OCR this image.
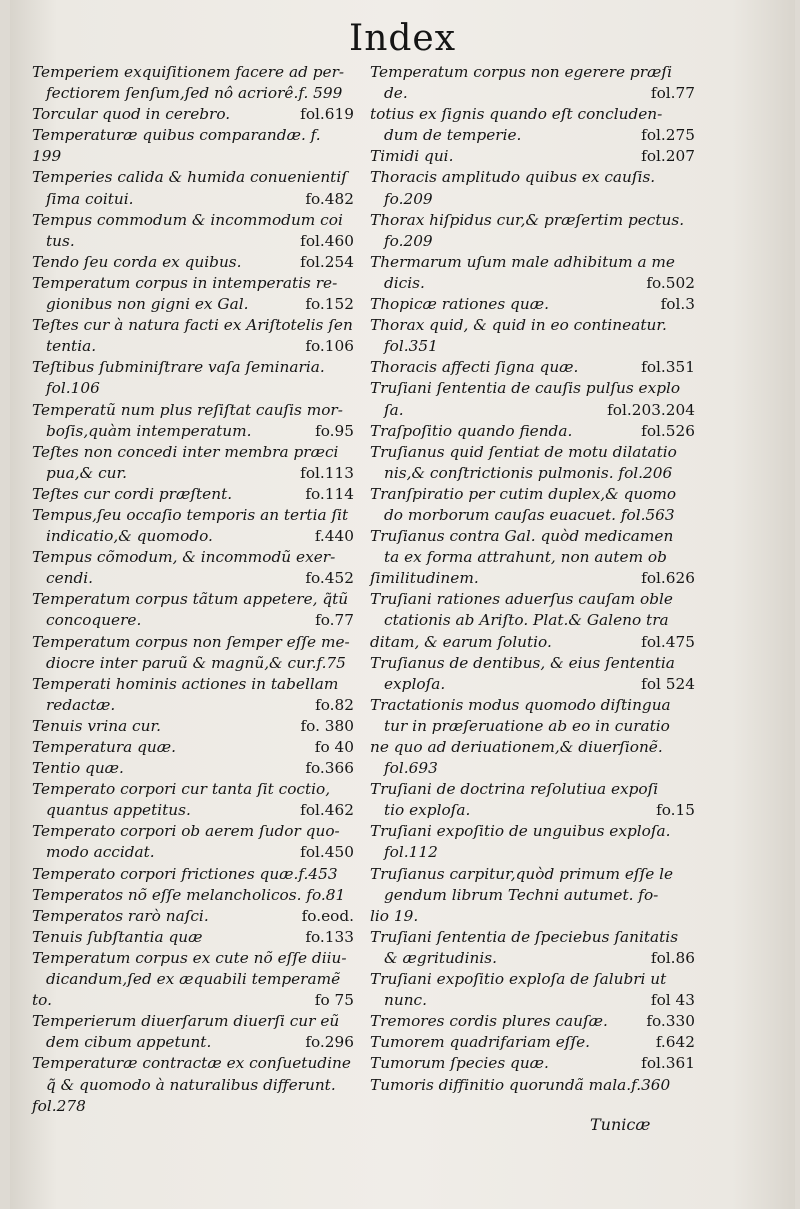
Index
Temperiem exquiſitionem facere ad per-
fectiorem ſenſum,ſed nô acriorê.f. 599
fol.619
Torcular quod in cerebro.
Temperaturæ quibus comparandæ. f. 199
Temperies calida & humida conuenientiſ
fo.482
ſima coitui.
Tempus commodum & incommodum coi
fol.460
tus.
fol.254
Tendo ſeu corda ex quibus.
Temperatum corpus in intemperatis re-
fo.152
gionibus non gigni ex Gal.
Teſtes cur à natura facti ex Ariſtotelis ſen
fo.106
tentia.
Teſtibus ſubminiſtrare vaſa ſeminaria.
fol.106
Temperatũ num plus reſiſtat cauſis mor-
fo.95
boſis,quàm intemperatum.
Teſtes non concedi inter membra præci
fol.113
pua,& cur.
fo.114
Teſtes cur cordi præſtent.
Tempus,ſeu occaſio temporis an tertia ſit
f.440
indicatio,& quomodo.
Tempus cõmodum, & incommodũ exer-
fo.452
cendi.
Temperatum corpus tãtum appetere, q̃tũ
fo.77
concoquere.
Temperatum corpus non ſemper eſſe me-
diocre inter paruũ & magnũ,& cur.f.75
Temperati hominis actiones in tabellam
fo.82
redactæ.
fo. 380
Tenuis vrina cur.
fo 40
Temperatura quæ.
fo.366
Tentio quæ.
Temperato corpori cur tanta ſit coctio,
fol.462
quantus appetitus.
Temperato corpori ob aerem ſudor quo-
fol.450
modo accidat.
Temperato corpori frictiones quæ.f.453
Temperatos nõ eſſe melancholicos. fo.81
fo.eod.
Temperatos rarò naſci.
fo.133
Tenuis ſubſtantia quæ
Temperatum corpus ex cute nõ eſſe diiu-
dicandum,ſed ex æquabili temperamẽ
fo 75
to.
Temperierum diuerſarum diuerſi cur eũ
fo.296
dem cibum appetunt.
Temperaturæ contractæ ex conſuetudine
q̃ & quomodo à naturalibus differunt.
fol.278
Temperatum corpus non egerere præſi
fol.77
de.
totius ex ſignis quando eſt concluden-
fol.275
dum de temperie.
fol.207
Timidi qui.
Thoracis amplitudo quibus ex cauſis.
fo.209
Thorax hiſpidus cur,& præſertim pectus.
fo.209
Thermarum uſum male adhibitum a me
fo.502
dicis.
fol.3
Thopicæ rationes quæ.
Thorax quid, & quid in eo contineatur.
fol.351
fol.351
Thoracis affecti ſigna quæ.
Truſiani ſententia de cauſis pulſus explo
fol.203.204
ſa.
fol.526
Traſpoſitio quando fienda.
Truſianus quid ſentiat de motu dilatatio
nis,& conſtrictionis pulmonis. fol.206
Tranſpiratio per cutim duplex,& quomo
do morborum cauſas euacuet. fol.563
Truſianus contra Gal. quòd medicamen
ta ex forma attrahunt, non autem ob
fol.626
ſimilitudinem.
Truſiani rationes aduerſus cauſam oble
ctationis ab Ariſto. Plat.& Galeno tra
fol.475
ditam, & earum ſolutio.
Truſianus de dentibus, & eius ſententia
fol 524
exploſa.
Tractationis modus quomodo diſtingua
tur in præſeruatione ab eo in curatio
ne quo ad deriuationem,& diuerſionẽ.
fol.693
Truſiani de doctrina reſolutiua expoſi
fo.15
tio exploſa.
Truſiani expoſitio de unguibus exploſa.
fol.112
Truſianus carpitur,quòd primum eſſe le
gendum librum Techni autumet. fo-
lio 19.
Truſiani ſententia de ſpeciebus ſanitatis
fol.86
& ægritudinis.
Truſiani expoſitio exploſa de ſalubri ut
fol 43
nunc.
fo.330
Tremores cordis plures cauſæ.
f.642
Tumorem quadrifariam eſſe.
fol.361
Tumorum ſpecies quæ.
Tumoris diffinitio quorundã mala.f.360
Tunicæ
